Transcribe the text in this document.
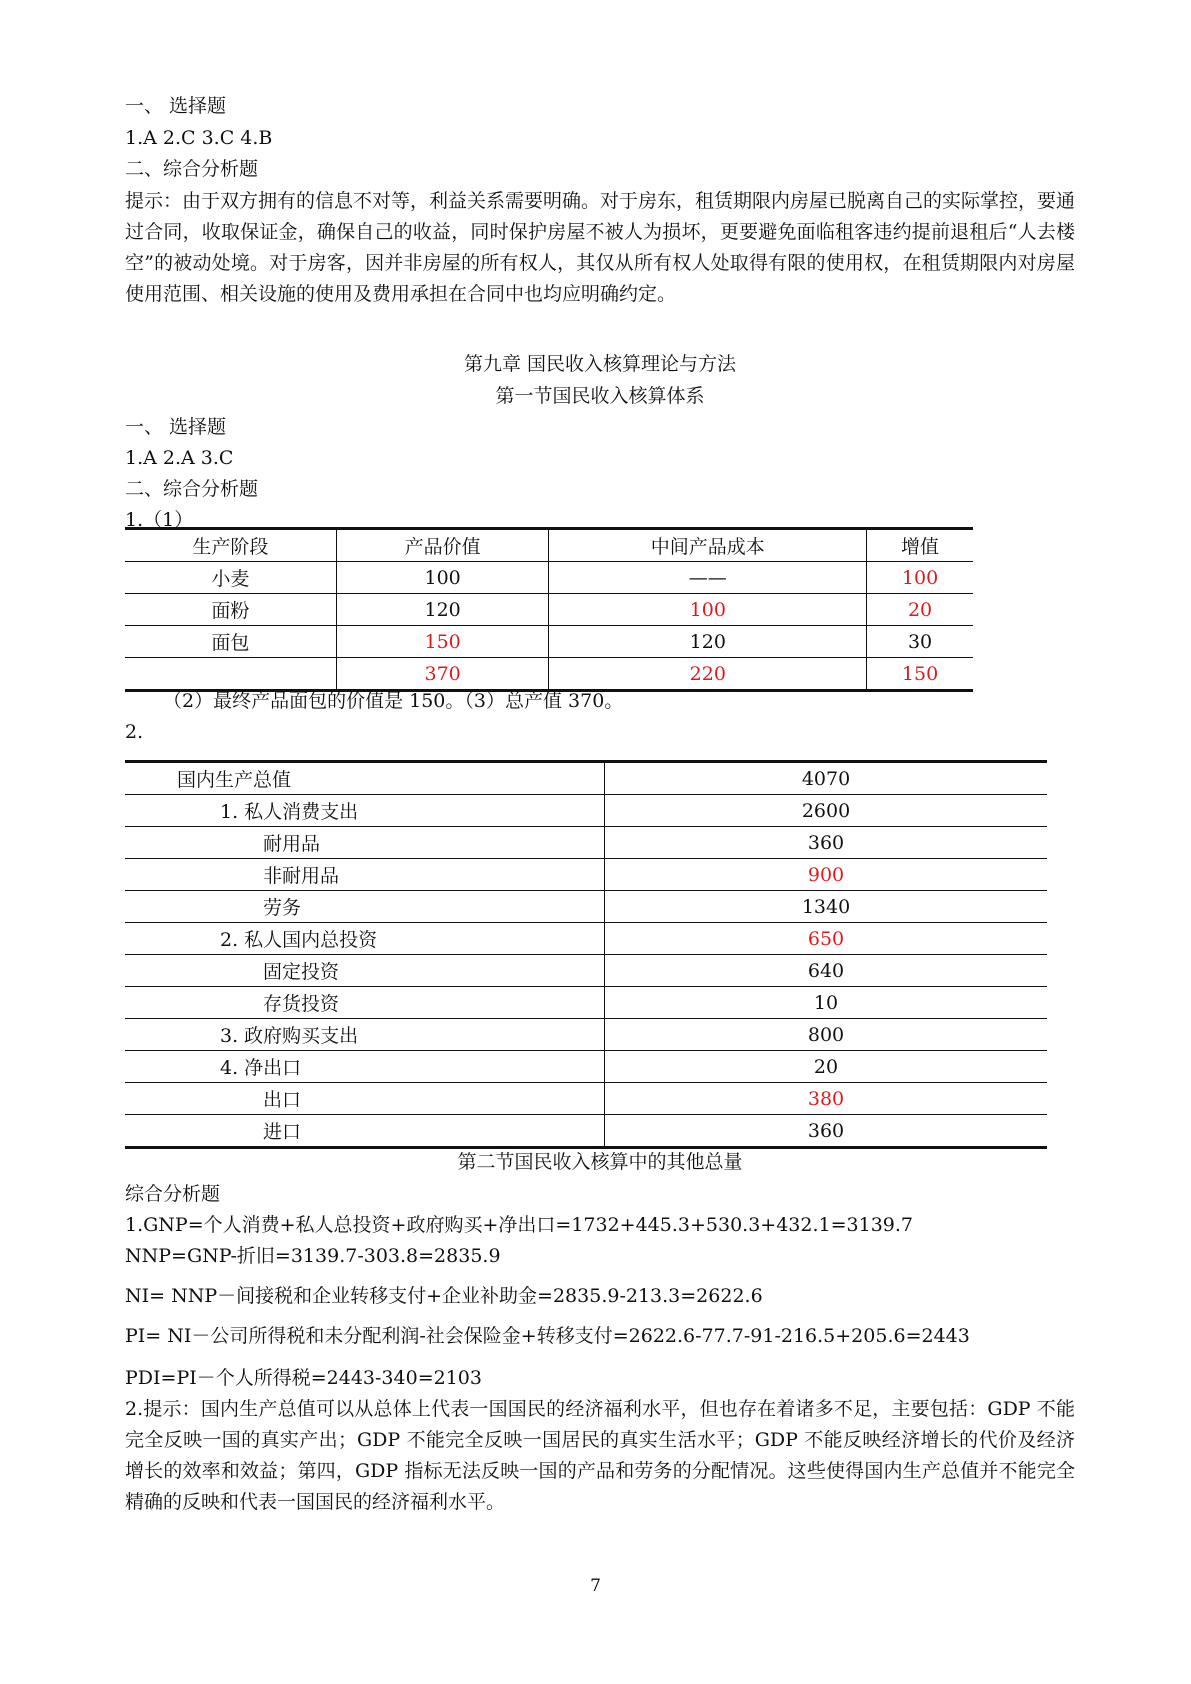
一、 选择题
1.A 2.C 3.C 4.B
二、综合分析题
提示：由于双方拥有的信息不对等，利益关系需要明确。对于房东，租赁期限内房屋已脱离自己的实际掌控，要通过合同，收取保证金，确保自己的收益，同时保护房屋不被人为损坏，更要避免面临租客违约提前退租后“人去楼空”的被动处境。对于房客，因并非房屋的所有权人，其仅从所有权人处取得有限的使用权，在租赁期限内对房屋使用范围、相关设施的使用及费用承担在合同中也均应明确约定。
第九章 国民收入核算理论与方法
第一节国民收入核算体系
一、 选择题
1.A 2.A 3.C
二、综合分析题
1.（1）
生产阶段	产品价值	中间产品成本	增值
小麦	100	——	100
面粉	120	100	20
面包	150	120	30
	370	220	150
（2）最终产品面包的价值是 150。（3）总产值 370。
2.
国内生产总值	4070
1. 私人消费支出	2600
耐用品	360
非耐用品	900
劳务	1340
2. 私人国内总投资	650
固定投资	640
存货投资	10
3. 政府购买支出	800
4. 净出口	20
出口	380
进口	360
第二节国民收入核算中的其他总量
综合分析题
1.GNP=个人消费+私人总投资+政府购买+净出口=1732+445.3+530.3+432.1=3139.7
NNP=GNP-折旧=3139.7-303.8=2835.9
NI= NNP－间接税和企业转移支付+企业补助金=2835.9-213.3=2622.6
PI= NI－公司所得税和未分配利润-社会保险金+转移支付=2622.6-77.7-91-216.5+205.6=2443
PDI=PI－个人所得税=2443-340=2103
2.提示：国内生产总值可以从总体上代表一国国民的经济福利水平，但也存在着诸多不足，主要包括：GDP 不能完全反映一国的真实产出；GDP 不能完全反映一国居民的真实生活水平；GDP 不能反映经济增长的代价及经济增长的效率和效益；第四，GDP 指标无法反映一国的产品和劳务的分配情况。这些使得国内生产总值并不能完全精确的反映和代表一国国民的经济福利水平。
7
